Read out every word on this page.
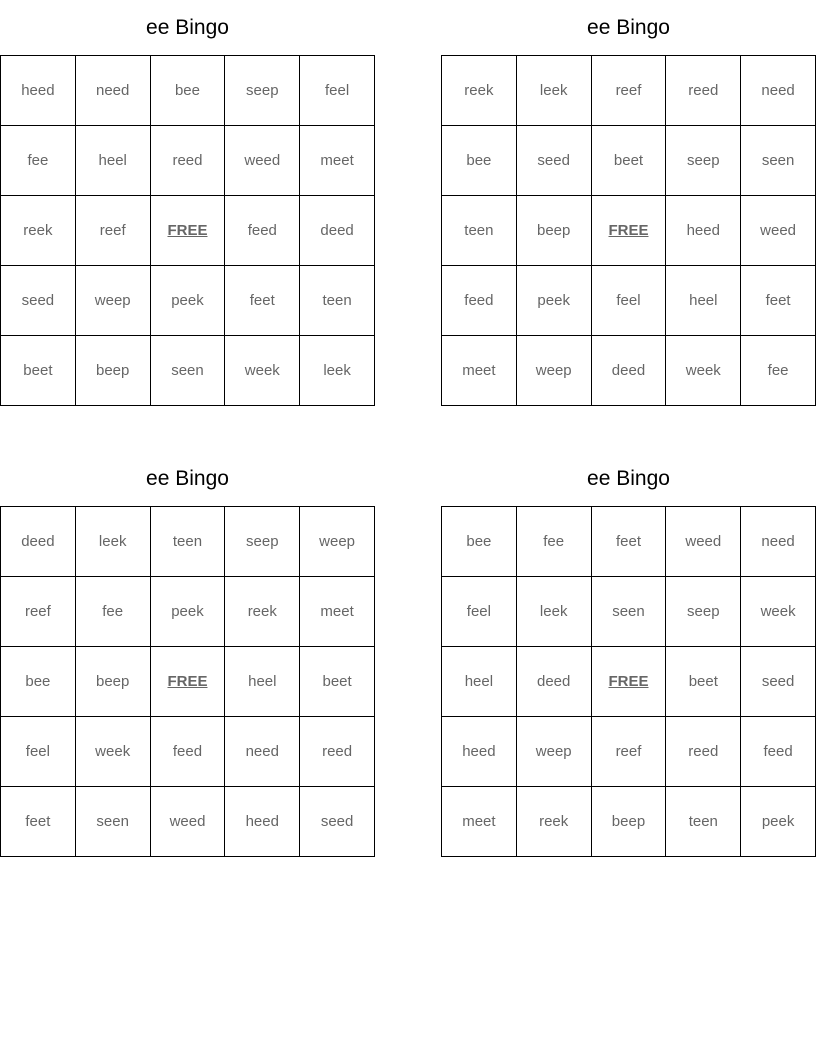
ee Bingo
heed	need	bee	seep	feel
fee	heel	reed	weed	meet
reek	reef	FREE	feed	deed
seed	weep	peek	feet	teen
beet	beep	seen	week	leek
ee Bingo
reek	leek	reef	reed	need
bee	seed	beet	seep	seen
teen	beep	FREE	heed	weed
feed	peek	feel	heel	feet
meet	weep	deed	week	fee
ee Bingo
deed	leek	teen	seep	weep
reef	fee	peek	reek	meet
bee	beep	FREE	heel	beet
feel	week	feed	need	reed
feet	seen	weed	heed	seed
ee Bingo
bee	fee	feet	weed	need
feel	leek	seen	seep	week
heel	deed	FREE	beet	seed
heed	weep	reef	reed	feed
meet	reek	beep	teen	peek
